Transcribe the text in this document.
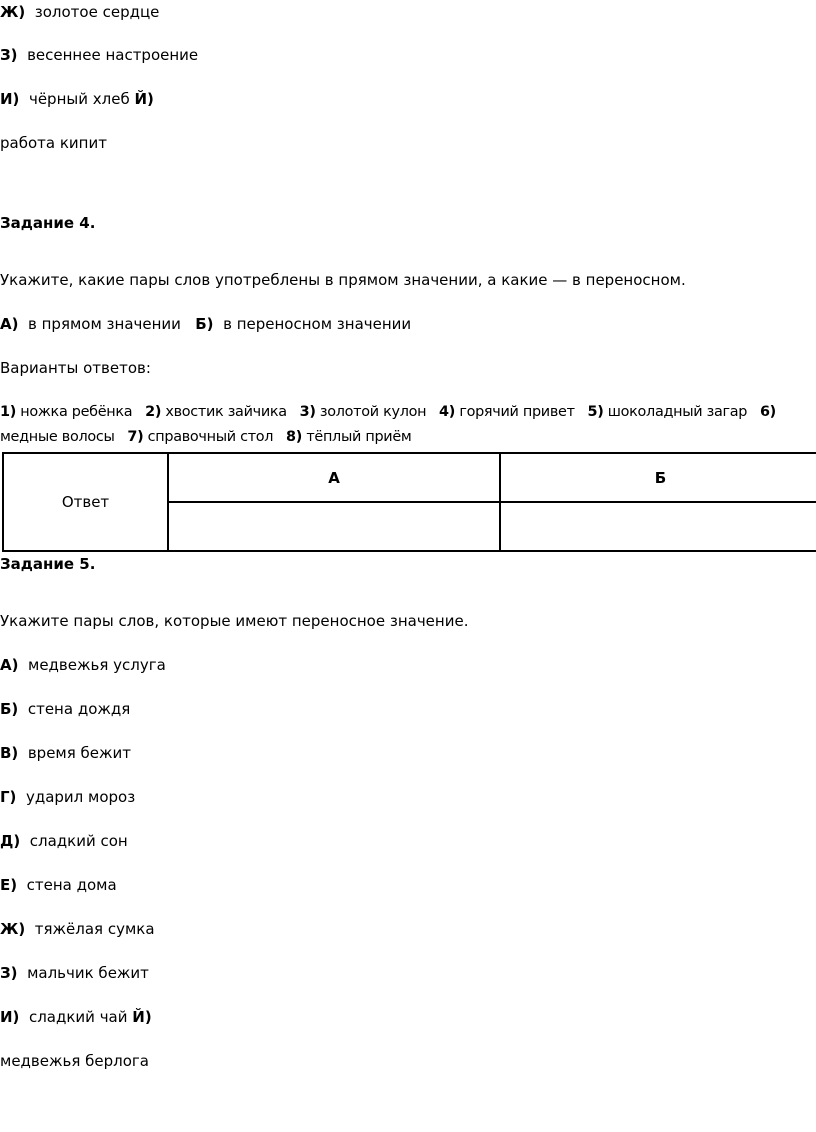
Ж) золотое сердце
З) весеннее настроение
И) чёрный хлеб Й)
работа кипит
Задание 4.
Укажите, какие пары слов употреблены в прямом значении, а какие — в переносном.
А) в прямом значении Б) в переносном значении
Варианты ответов:
1) ножка ребёнка 2) хвостик зайчика 3) золотой кулон 4) горячий привет 5) шоколадный загар 6)
медные волосы 7) справочный стол 8) тёплый приём
Ответ	А	Б

Задание 5.
Укажите пары слов, которые имеют переносное значение.
А) медвежья услуга
Б) стена дождя
В) время бежит
Г) ударил мороз
Д) сладкий сон
Е) стена дома
Ж) тяжёлая сумка
З) мальчик бежит
И) сладкий чай Й)
медвежья берлога
